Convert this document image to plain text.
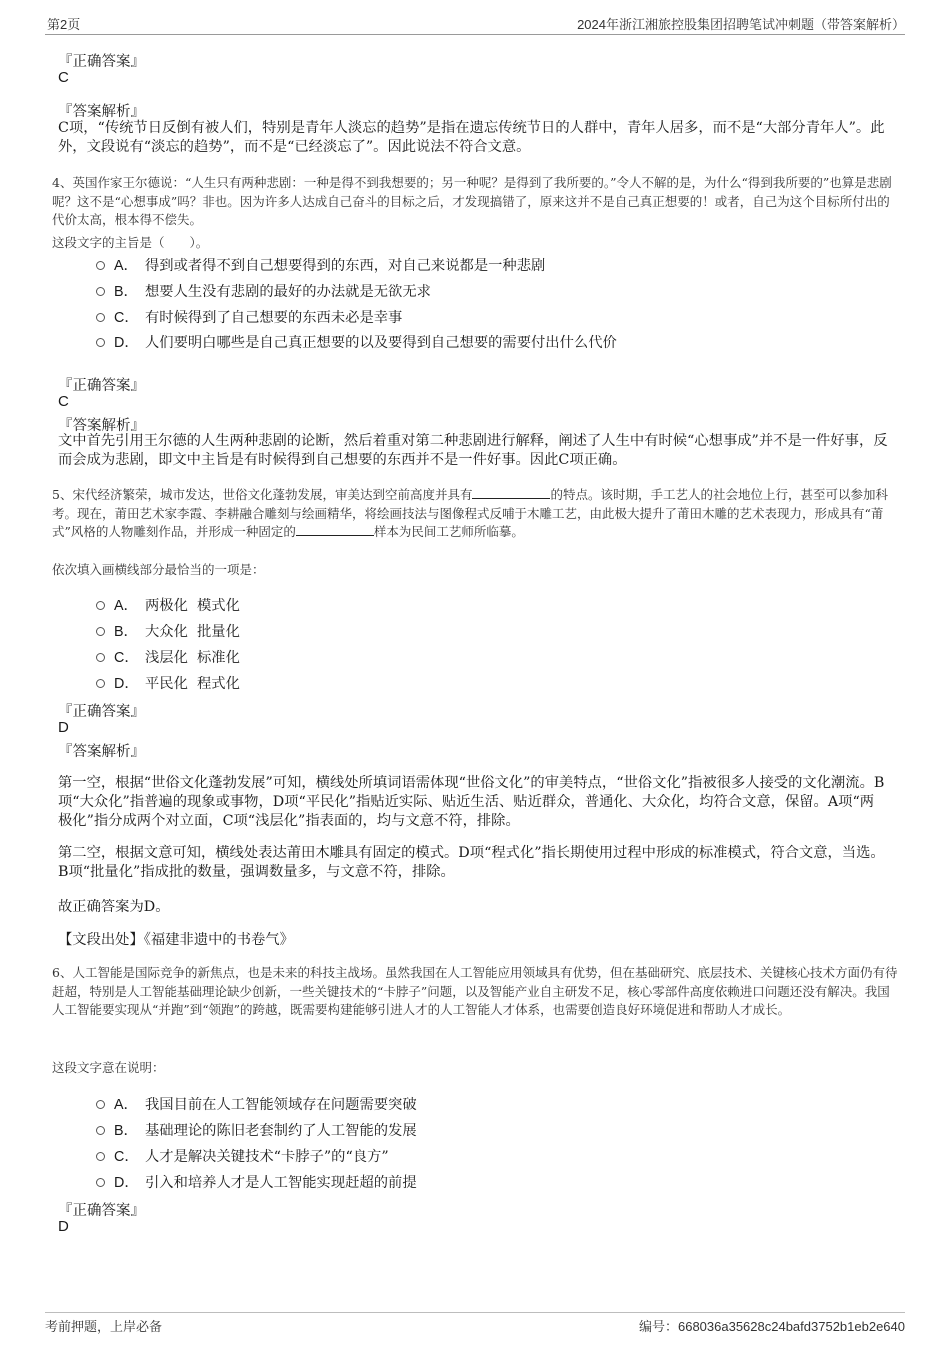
第2页	2024年浙江湘旅控股集团招聘笔试冲刺题（带答案解析）
『正确答案』
C
『答案解析』
C项，“传统节日反倒有被人们，特别是青年人淡忘的趋势”是指在遗忘传统节日的人群中，青年人居多，而不是“大部分青年人”。此外，文段说有“淡忘的趋势”，而不是“已经淡忘了”。因此说法不符合文意。
4、英国作家王尔德说：“人生只有两种悲剧：一种是得不到我想要的；另一种呢？是得到了我所要的。”令人不解的是，为什么“得到我所要的”也算是悲剧呢？这不是“心想事成”吗？非也。因为许多人达成自己奋斗的目标之后，才发现搞错了，原来这并不是自己真正想要的！或者，自己为这个目标所付出的代价太高，根本得不偿失。
这段文字的主旨是（　　）。
A． 得到或者得不到自己想要得到的东西，对自己来说都是一种悲剧
B． 想要人生没有悲剧的最好的办法就是无欲无求
C． 有时候得到了自己想要的东西未必是幸事
D． 人们要明白哪些是自己真正想要的以及要得到自己想要的需要付出什么代价
『正确答案』
C
『答案解析』
文中首先引用王尔德的人生两种悲剧的论断，然后着重对第二种悲剧进行解释，阐述了人生中有时候“心想事成”并不是一件好事，反而会成为悲剧，即文中主旨是有时候得到自己想要的东西并不是一件好事。因此C项正确。
5、宋代经济繁荣，城市发达，世俗文化蓬勃发展，审美达到空前高度并具有	的特点。该时期，手工艺人的社会地位上行，甚至可以参加科考。现在，莆田艺术家李霞、李耕融合雕刻与绘画精华，将绘画技法与图像程式反哺于木雕工艺，由此极大提升了莆田木雕的艺术表现力，形成具有“莆式”风格的人物雕刻作品，并形成一种固定的	样本为民间工艺师所临摹。
依次填入画横线部分最恰当的一项是：
A． 两极化  模式化
B． 大众化  批量化
C． 浅层化  标准化
D． 平民化  程式化
『正确答案』
D
『答案解析』
第一空，根据“世俗文化蓬勃发展”可知，横线处所填词语需体现“世俗文化”的审美特点，“世俗文化”指被很多人接受的文化潮流。B项“大众化”指普遍的现象或事物，D项“平民化”指贴近实际、贴近生活、贴近群众，普通化、大众化，均符合文意，保留。A项“两极化”指分成两个对立面，C项“浅层化”指表面的，均与文意不符，排除。
第二空，根据文意可知，横线处表达莆田木雕具有固定的模式。D项“程式化”指长期使用过程中形成的标准模式，符合文意，当选。B项“批量化”指成批的数量，强调数量多，与文意不符，排除。
故正确答案为D。
【文段出处】《福建非遗中的书卷气》
6、人工智能是国际竞争的新焦点，也是未来的科技主战场。虽然我国在人工智能应用领域具有优势，但在基础研究、底层技术、关键核心技术方面仍有待赶超，特别是人工智能基础理论缺少创新，一些关键技术的“卡脖子”问题，以及智能产业自主研发不足，核心零部件高度依赖进口问题还没有解决。我国人工智能要实现从“并跑”到“领跑”的跨越，既需要构建能够引进人才的人工智能人才体系，也需要创造良好环境促进和帮助人才成长。
这段文字意在说明：
A． 我国目前在人工智能领域存在问题需要突破
B． 基础理论的陈旧老套制约了人工智能的发展
C． 人才是解决关键技术“卡脖子”的“良方”
D． 引入和培养人才是人工智能实现赶超的前提
『正确答案』
D
考前押题，上岸必备	编号：668036a35628c24bafd3752b1eb2e640
